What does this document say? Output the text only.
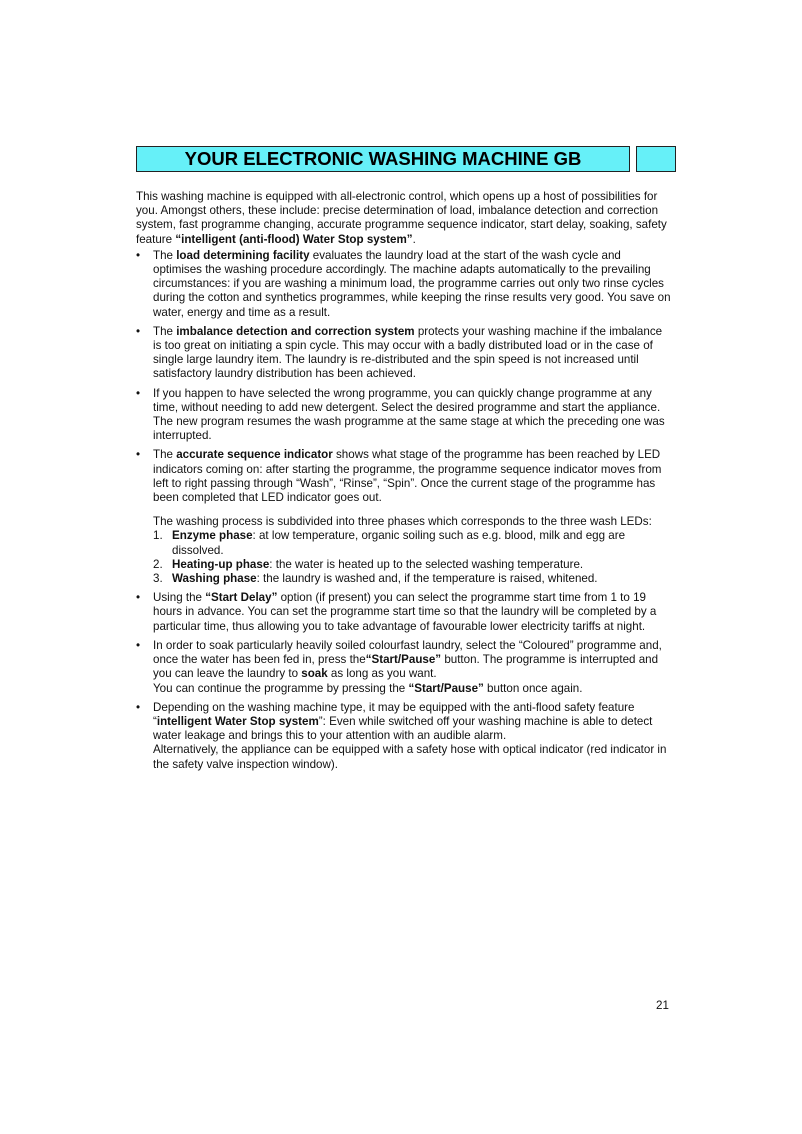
YOUR ELECTRONIC WASHING MACHINE GB

This washing machine is equipped with all-electronic control, which opens up a host of possibilities for you. Amongst others, these include: precise determination of load, imbalance detection and correction system, fast programme changing, accurate programme sequence indicator, start delay, soaking, safety feature “intelligent (anti-flood) Water Stop system”.

•	The load determining facility evaluates the laundry load at the start of the wash cycle and optimises the washing procedure accordingly. The machine adapts automatically to the prevailing circumstances: if you are washing a minimum load, the programme carries out only two rinse cycles during the cotton and synthetics programmes, while keeping the rinse results very good. You save on water, energy and time as a result.
•	The imbalance detection and correction system protects your washing machine if the imbalance is too great on initiating a spin cycle. This may occur with a badly distributed load or in the case of single large laundry item. The laundry is re-distributed and the spin speed is not increased until satisfactory laundry distribution has been achieved.
•	If you happen to have selected the wrong programme, you can quickly change programme at any time, without needing to add new detergent. Select the desired programme and start the appliance. The new program resumes the wash programme at the same stage at which the preceding one was interrupted.
•	The accurate sequence indicator shows what stage of the programme has been reached by LED indicators coming on: after starting the programme, the programme sequence indicator moves from left to right passing through “Wash”, “Rinse”, “Spin”. Once the current stage of the programme has been completed that LED indicator goes out.

The washing process is subdivided into three phases which corresponds to the three wash LEDs:

1. Enzyme phase: at low temperature, organic soiling such as e.g. blood, milk and egg are dissolved.
2. Heating-up phase: the water is heated up to the selected washing temperature.
3. Washing phase: the laundry is washed and, if the temperature is raised, whitened.
•	Using the “Start Delay” option (if present) you can select the programme start time from 1 to 19 hours in advance. You can set the programme start time so that the laundry will be completed by a particular time, thus allowing you to take advantage of favourable lower electricity tariffs at night.
•	In order to soak particularly heavily soiled colourfast laundry, select the “Coloured” programme and, once the water has been fed in, press the“Start/Pause” button. The programme is interrupted and you can leave the laundry to soak as long as you want.
You can continue the programme by pressing the “Start/Pause” button once again.
•	Depending on the washing machine type, it may be equipped with the anti-flood safety feature “intelligent Water Stop system”: Even while switched off your washing machine is able to detect water leakage and brings this to your attention with an audible alarm.
Alternatively, the appliance can be equipped with a safety hose with optical indicator (red indicator in the safety valve inspection window).
21
